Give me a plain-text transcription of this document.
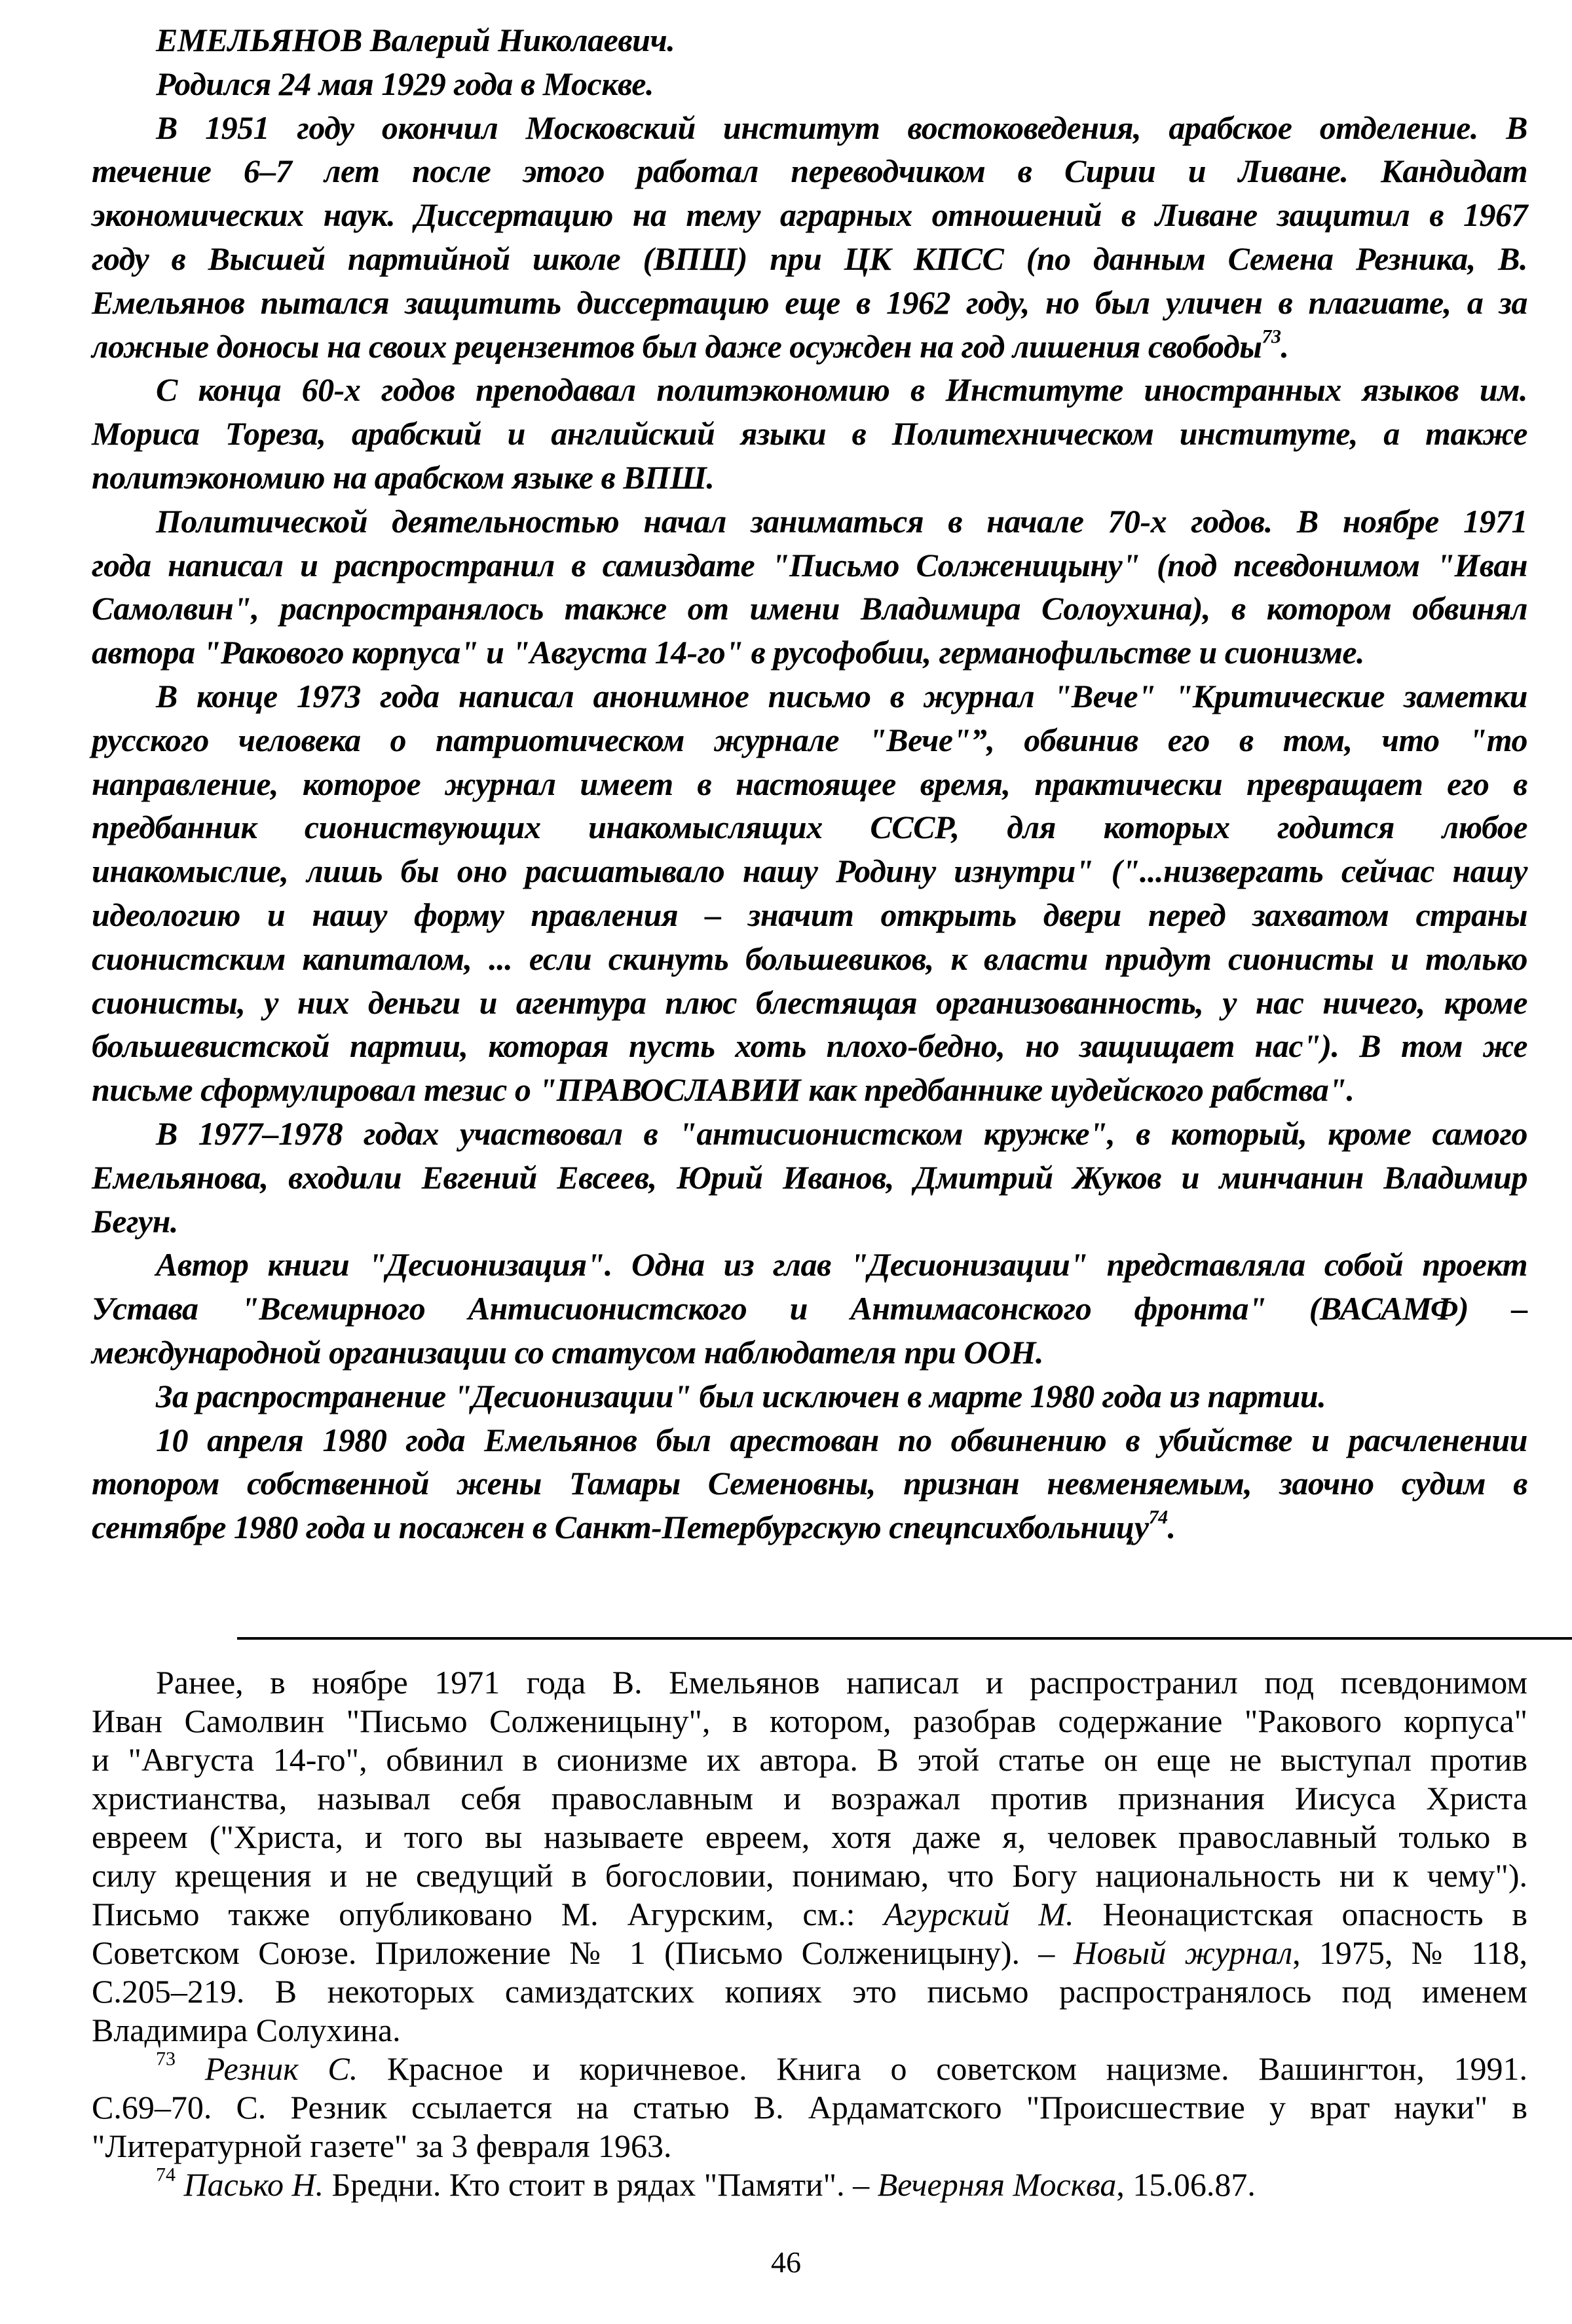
ЕМЕЛЬЯНОВ Валерий Николаевич.
Родился 24 мая 1929 года в Москве.
В 1951 году окончил Московский институт востоковедения, арабское отделение. В
течение 6–7 лет после этого работал переводчиком в Сирии и Ливане. Кандидат
экономических наук. Диссертацию на тему аграрных отношений в Ливане защитил в 1967
году в Высшей партийной школе (ВПШ) при ЦК КПСС (по данным Семена Резника, В.
Емельянов пытался защитить диссертацию еще в 1962 году, но был уличен в плагиате, а за
ложные доносы на своих рецензентов был даже осужден на год лишения свободы$^{73}$.
С конца 60-х годов преподавал политэкономию в Институте иностранных языков им.
Мориса Тореза, арабский и английский языки в Политехническом институте, а также
политэкономию на арабском языке в ВПШ.
Политической деятельностью начал заниматься в начале 70-х годов. В ноябре 1971
года написал и распространил в самиздате "Письмо Солженицыну" (под псевдонимом "Иван
Самолвин", распространялось также от имени Владимира Солоухина), в котором обвинял
автора "Ракового корпуса" и "Августа 14-го" в русофобии, германофильстве и сионизме.
В конце 1973 года написал анонимное письмо в журнал "Вече" "Критические заметки
русского человека о патриотическом журнале "Вече"”, обвинив его в том, что "то
направление, которое журнал имеет в настоящее время, практически превращает его в
предбанник сиониствующих инакомыслящих СССР, для которых годится любое
инакомыслие, лишь бы оно расшатывало нашу Родину изнутри" ("...низвергать сейчас нашу
идеологию и нашу форму правления – значит открыть двери перед захватом страны
сионистским капиталом, ... если скинуть большевиков, к власти придут сионисты и только
сионисты, у них деньги и агентура плюс блестящая организованность, у нас ничего, кроме
большевистской партии, которая пусть хоть плохо-бедно, но защищает нас"). В том же
письме сформулировал тезис о "ПРАВОСЛАВИИ как предбаннике иудейского рабства".
В 1977–1978 годах участвовал в "антисионистском кружке", в который, кроме самого
Емельянова, входили Евгений Евсеев, Юрий Иванов, Дмитрий Жуков и минчанин Владимир
Бегун.
Автор книги "Десионизация". Одна из глав "Десионизации" представляла собой проект
Устава "Всемирного Антисионистского и Антимасонского фронта" (ВАСАМФ) –
международной организации со статусом наблюдателя при ООН.
За распространение "Десионизации" был исключен в марте 1980 года из партии.
10 апреля 1980 года Емельянов был арестован по обвинению в убийстве и расчленении
топором собственной жены Тамары Семеновны, признан невменяемым, заочно судим в
сентябре 1980 года и посажен в Санкт-Петербургскую спецпсихбольницу$^{74}$.
Ранее, в ноябре 1971 года В. Емельянов написал и распространил под псевдонимом
Иван Самолвин "Письмо Солженицыну", в котором, разобрав содержание "Ракового корпуса"
и "Августа 14-го", обвинил в сионизме их автора. В этой статье он еще не выступал против
христианства, называл себя православным и возражал против признания Иисуса Христа
евреем ("Христа, и того вы называете евреем, хотя даже я, человек православный только в
силу крещения и не сведущий в богословии, понимаю, что Богу национальность ни к чему").
Письмо также опубликовано М. Агурским, см.: Агурский М. Неонацистская опасность в
Советском Союзе. Приложение № 1 (Письмо Солженицыну). – Новый журнал, 1975, № 118,
С.205–219. В некоторых самиздатских копиях это письмо распространялось под именем
Владимира Солухина.
$^{73}$ Резник С. Красное и коричневое. Книга о советском нацизме. Вашингтон, 1991.
С.69–70. С. Резник ссылается на статью В. Ардаматского "Происшествие у врат науки" в
"Литературной газете" за 3 февраля 1963.
$^{74}$ Пасько Н. Бредни. Кто стоит в рядах "Памяти". – Вечерняя Москва, 15.06.87.
46
